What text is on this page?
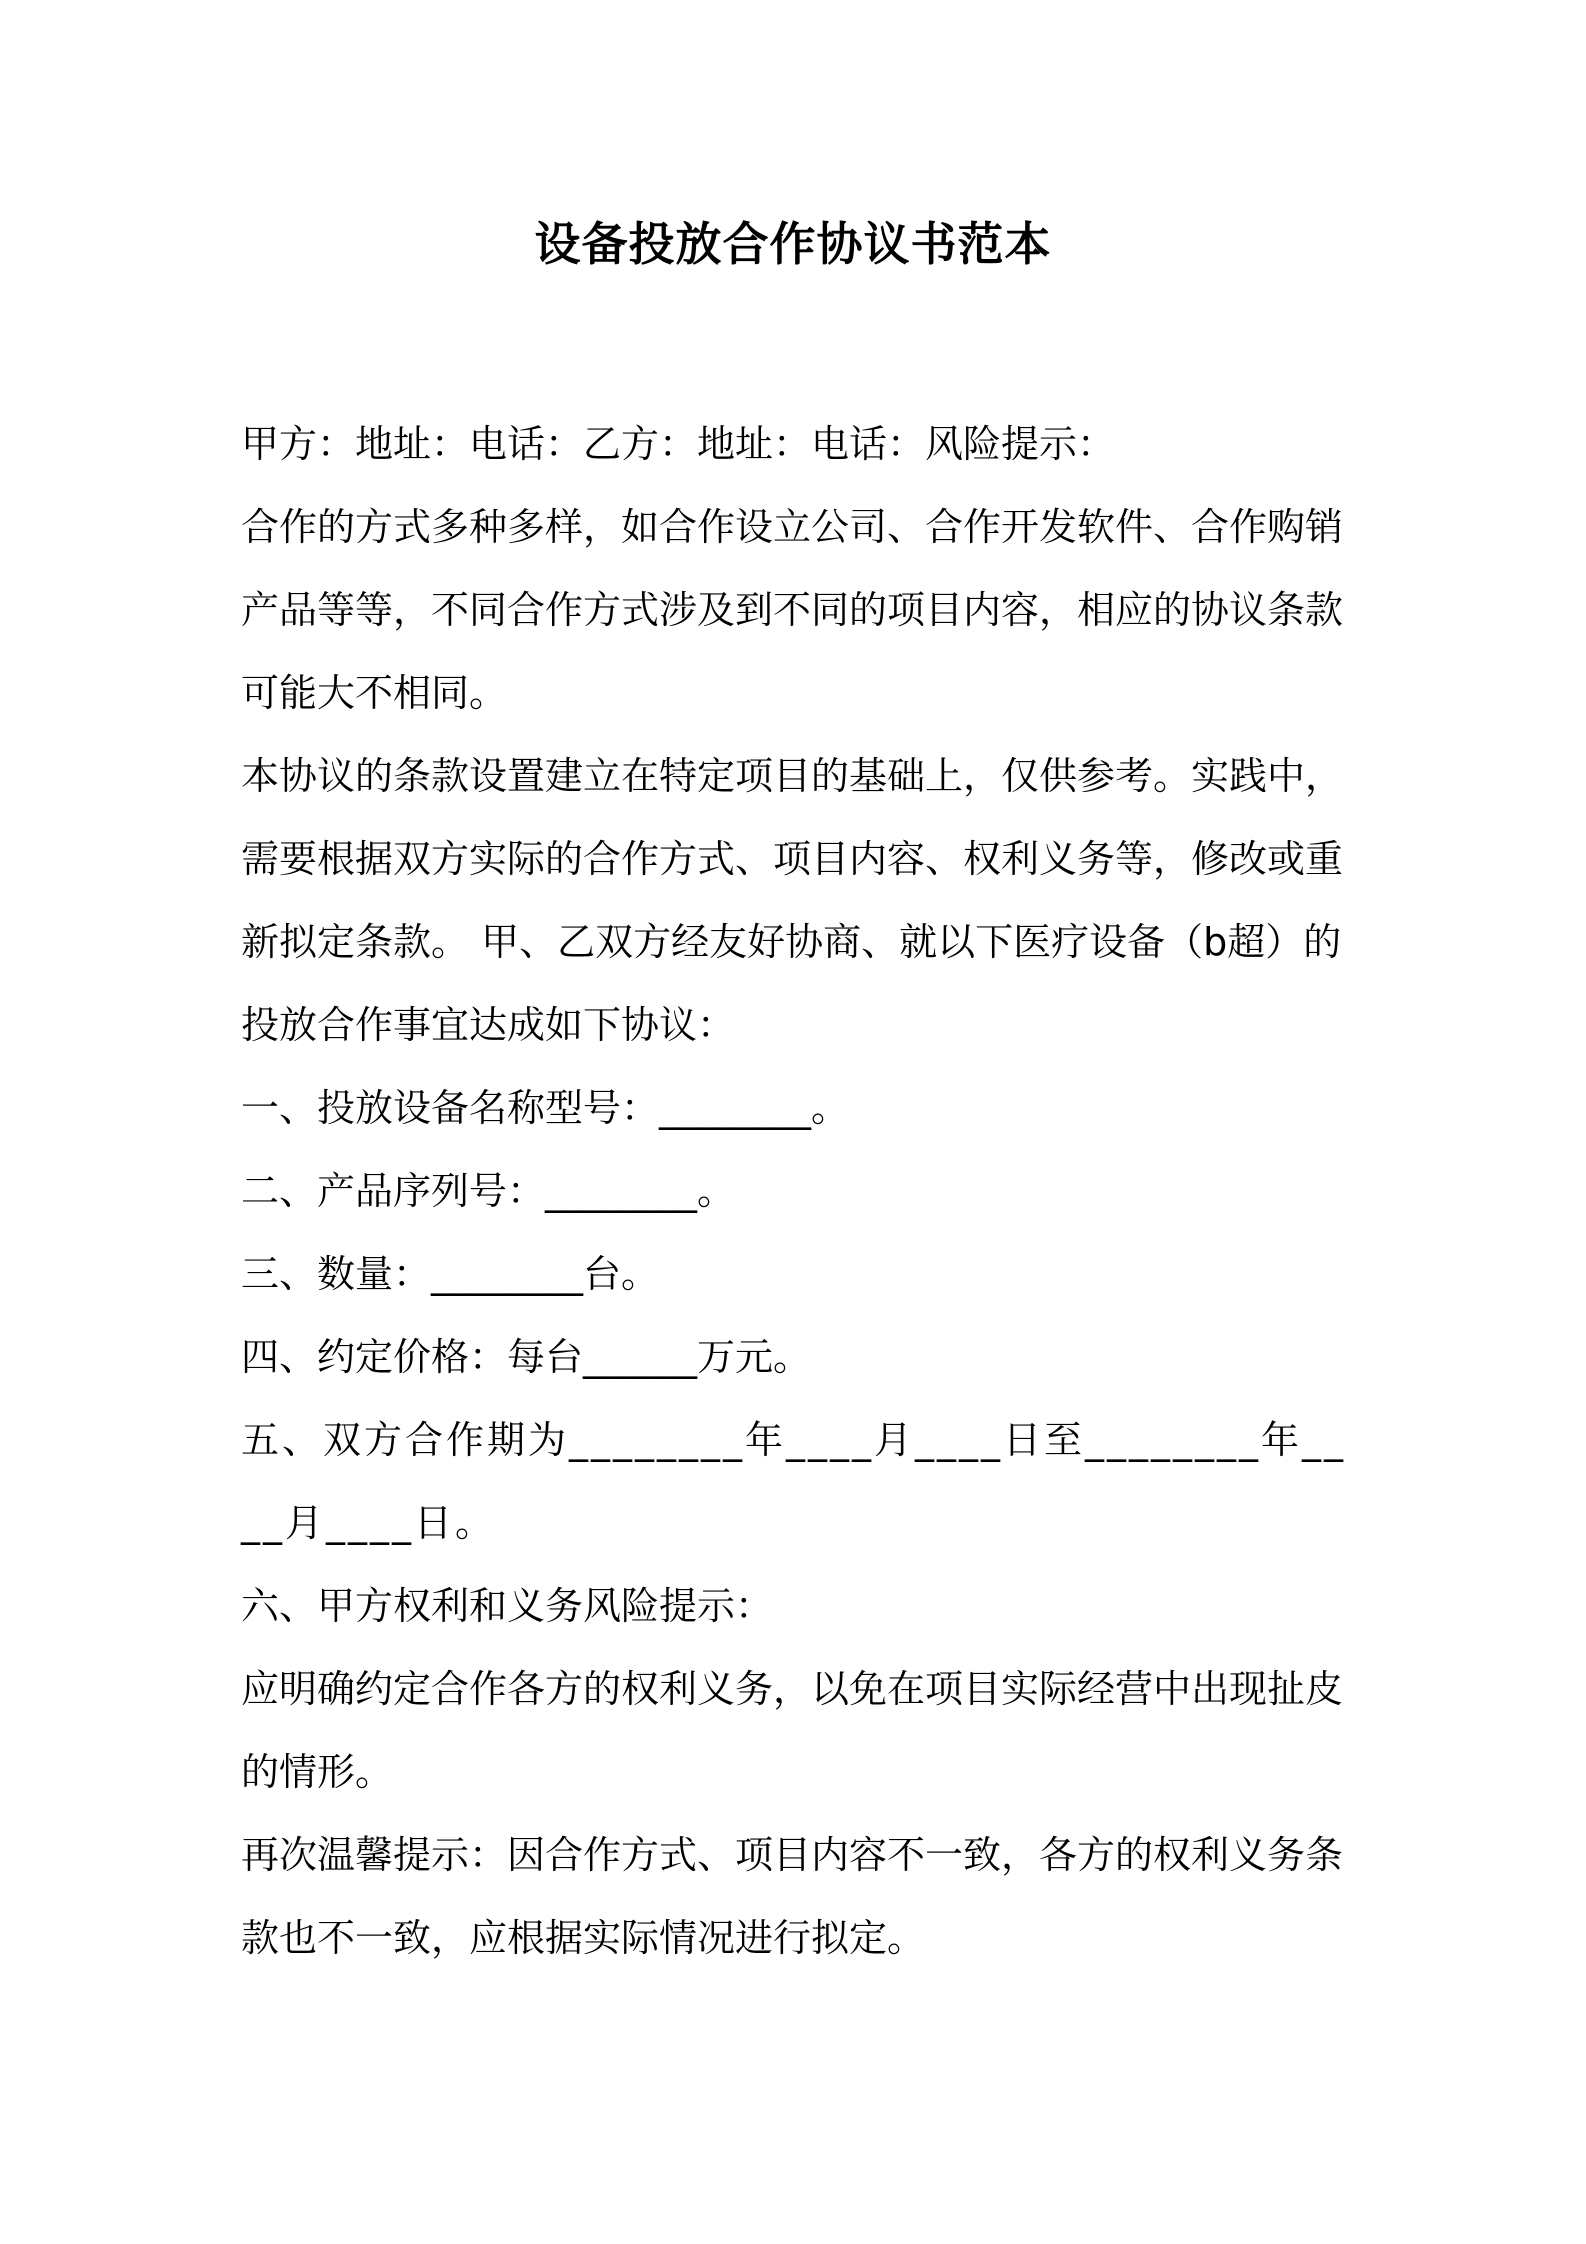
设备投放合作协议书范本

甲方：地址：电话：乙方：地址：电话：风险提示：

合作的方式多种多样，如合作设立公司、合作开发软件、合作购销产品等等，不同合作方式涉及到不同的项目内容，相应的协议条款可能大不相同。

本协议的条款设置建立在特定项目的基础上，仅供参考。实践中，需要根据双方实际的合作方式、项目内容、权利义务等，修改或重新拟定条款。 甲、乙双方经友好协商、就以下医疗设备（b超）的投放合作事宜达成如下协议：

一、投放设备名称型号：________。

二、产品序列号：________。

三、数量：________台。

四、约定价格：每台______万元。

五、双方合作期为________年____月____日至________年____月____日。

六、甲方权利和义务风险提示：

应明确约定合作各方的权利义务，以免在项目实际经营中出现扯皮的情形。

再次温馨提示：因合作方式、项目内容不一致，各方的权利义务条款也不一致，应根据实际情况进行拟定。
